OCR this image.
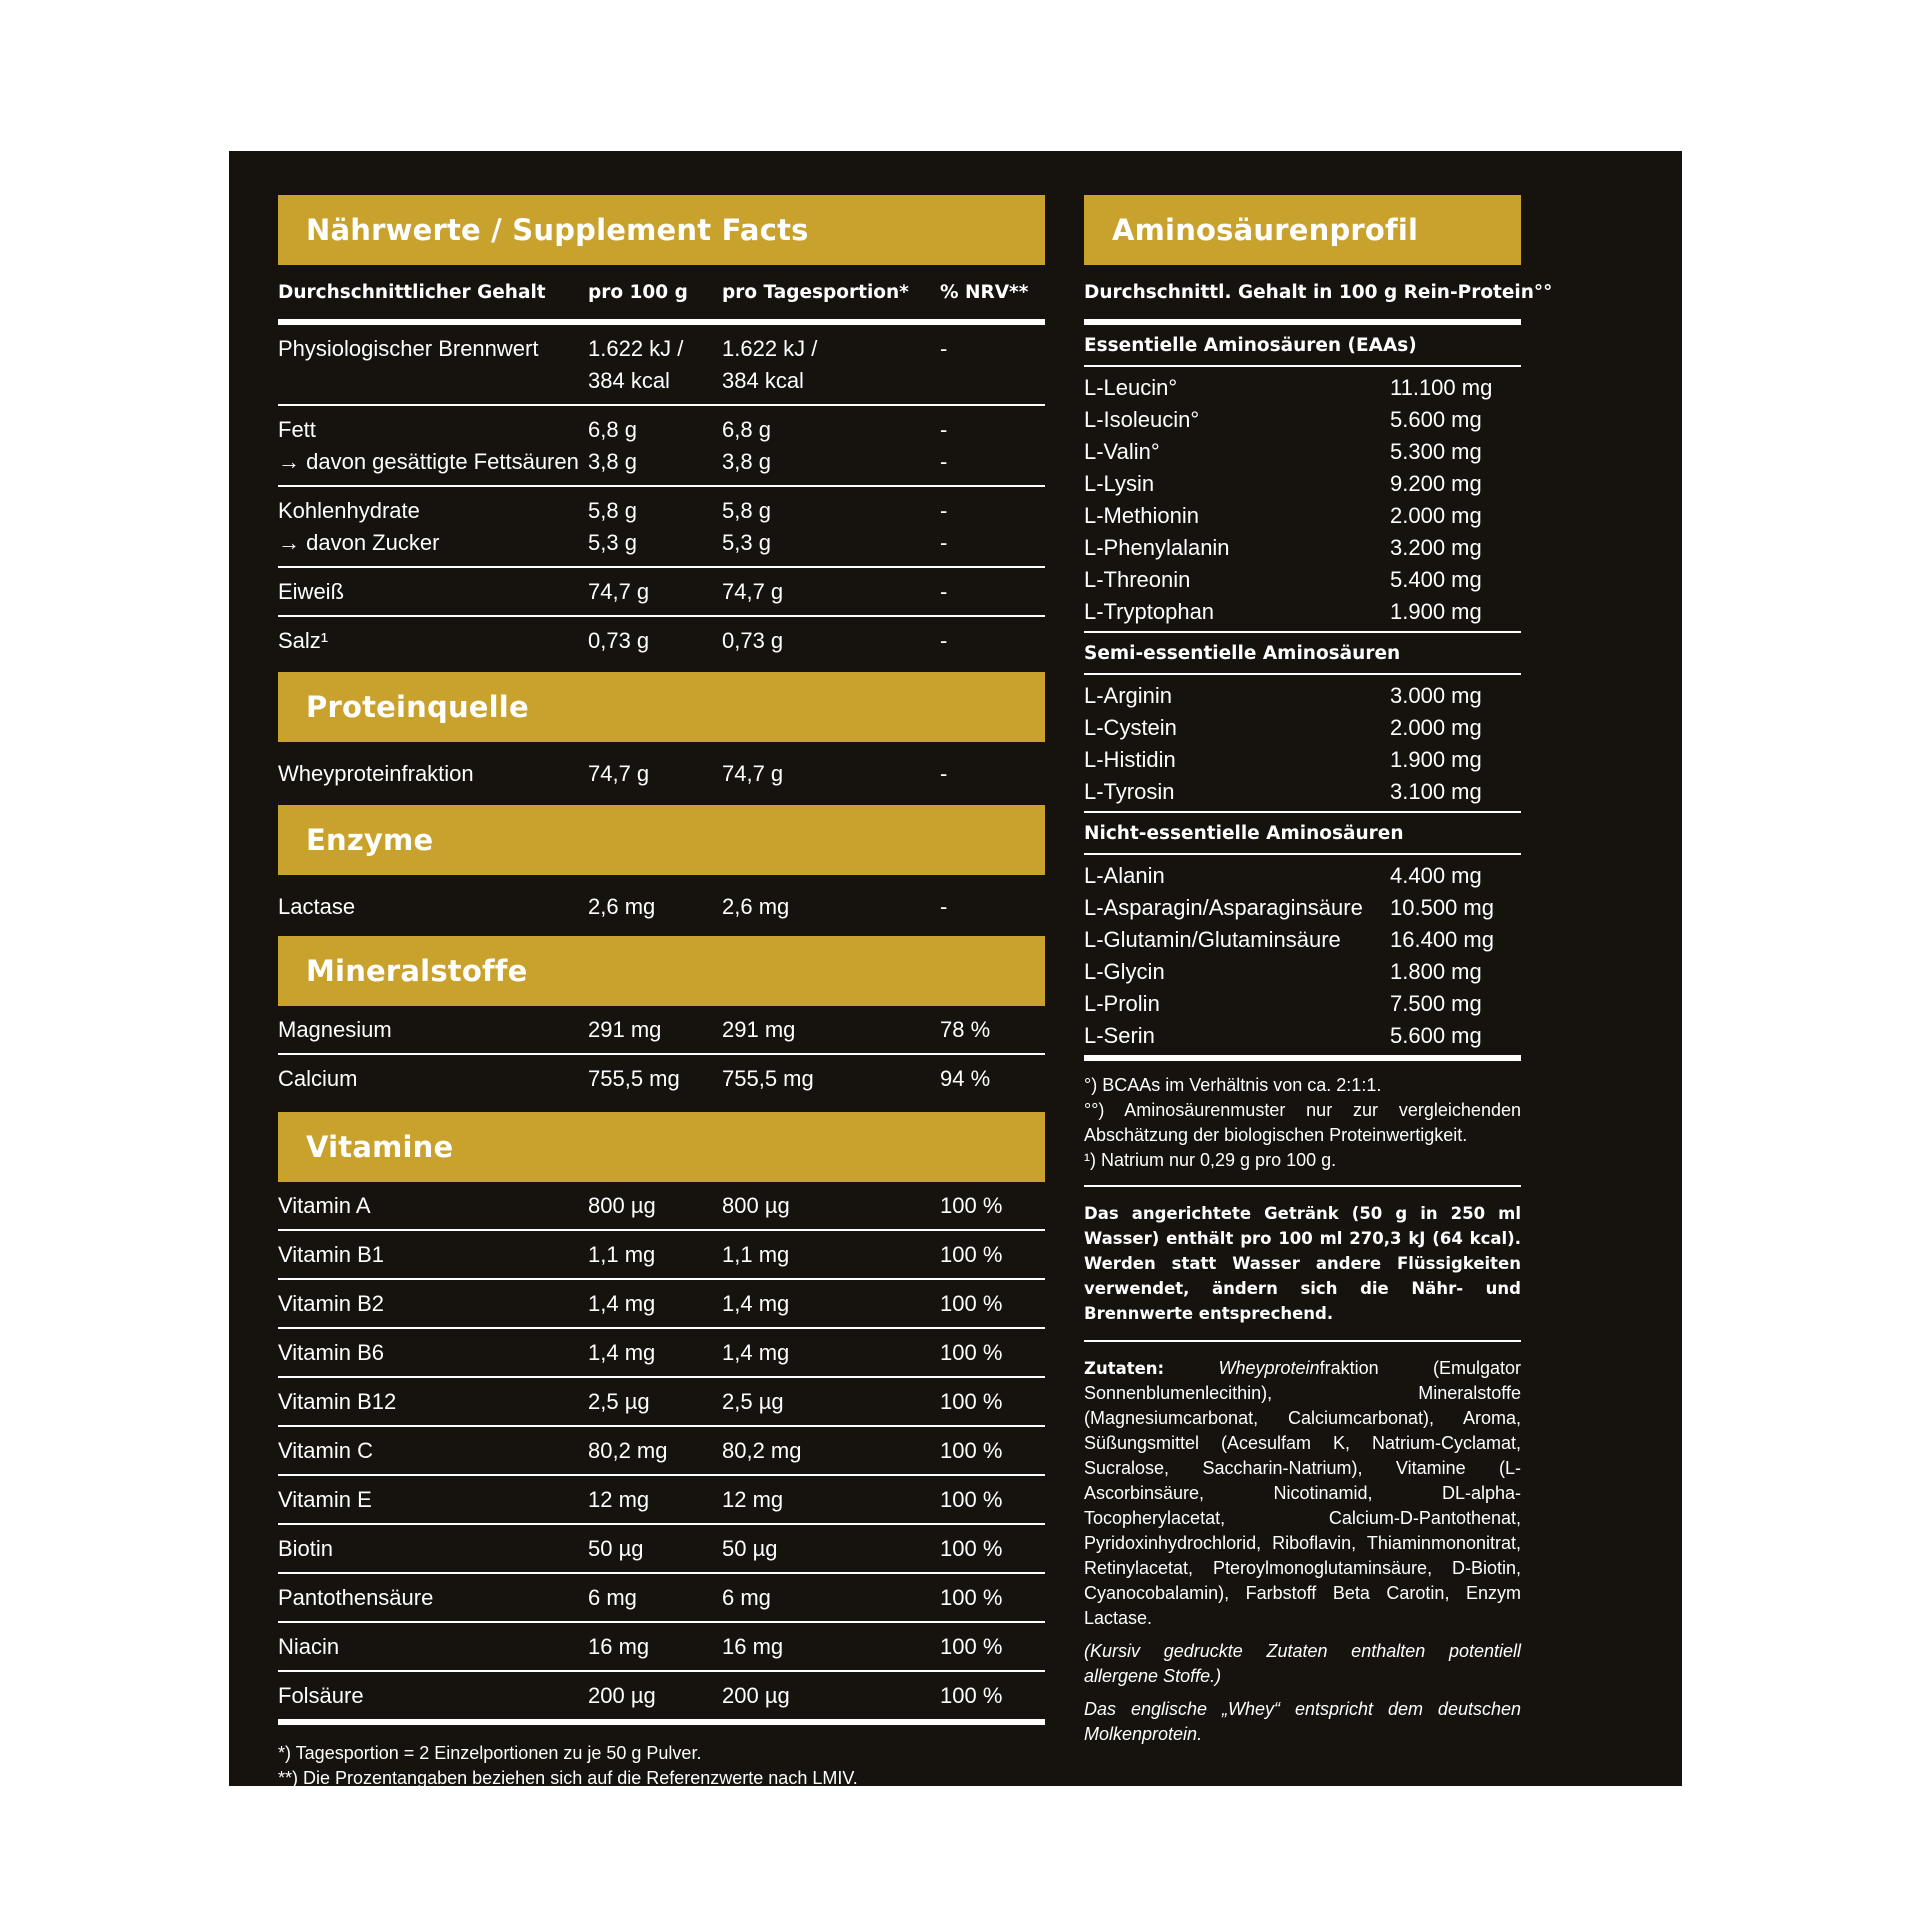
Nährwerte / Supplement Facts
Durchschnittlicher Gehalt	pro 100 g	pro Tagesportion*	% NRV**
Physiologischer Brennwert	1.622 kJ /	1.622 kJ /	-
384 kcal	384 kcal
Fett	6,8 g	6,8 g	-
→ davon gesättigte Fettsäuren 3,8 g	3,8 g	-
Kohlenhydrate	5,8 g	5,8 g	-
→ davon Zucker	5,3 g	5,3 g	-
Eiweiß	74,7 g	74,7 g	-
Salz¹	0,73 g	0,73 g	-
Proteinquelle
Wheyproteinfraktion	74,7 g	74,7 g	-
Enzyme
Lactase	2,6 mg	2,6 mg	-
Mineralstoffe
Magnesium	291 mg	291 mg	78 %
Calcium	755,5 mg	755,5 mg	94 %
Vitamine
Vitamin A	800 µg	800 µg	100 %
Vitamin B1	1,1 mg	1,1 mg	100 %
Vitamin B2	1,4 mg	1,4 mg	100 %
Vitamin B6	1,4 mg	1,4 mg	100 %
Vitamin B12	2,5 µg	2,5 µg	100 %
Vitamin C	80,2 mg	80,2 mg	100 %
Vitamin E	12 mg	12 mg	100 %
Biotin	50 µg	50 µg	100 %
Pantothensäure	6 mg	6 mg	100 %
Niacin	16 mg	16 mg	100 %
Folsäure	200 µg	200 µg	100 %
*) Tagesportion = 2 Einzelportionen zu je 50 g Pulver.
**) Die Prozentangaben beziehen sich auf die Referenzwerte nach LMIV.
Aminosäurenprofil
Durchschnittl. Gehalt in 100 g Rein-Protein°°
Essentielle Aminosäuren (EAAs)
L-Leucin°	11.100 mg
L-Isoleucin°	5.600 mg
L-Valin°	5.300 mg
L-Lysin	9.200 mg
L-Methionin	2.000 mg
L-Phenylalanin	3.200 mg
L-Threonin	5.400 mg
L-Tryptophan	1.900 mg
Semi-essentielle Aminosäuren
L-Arginin	3.000 mg
L-Cystein	2.000 mg
L-Histidin	1.900 mg
L-Tyrosin	3.100 mg
Nicht-essentielle Aminosäuren
L-Alanin	4.400 mg
L-Asparagin/Asparaginsäure	10.500 mg
L-Glutamin/Glutaminsäure	16.400 mg
L-Glycin	1.800 mg
L-Prolin	7.500 mg
L-Serin	5.600 mg
°) BCAAs im Verhältnis von ca. 2:1:1.
°°) Aminosäurenmuster nur zur vergleichenden Abschätzung der biologischen Proteinwertigkeit.
¹) Natrium nur 0,29 g pro 100 g.
Das angerichtete Getränk (50 g in 250 ml Wasser) enthält pro 100 ml 270,3 kJ (64 kcal). Werden statt Wasser andere Flüssigkeiten verwendet, ändern sich die Nähr- und Brennwerte entsprechend.
Zutaten:	Wheyproteinfraktion (Emulgator Sonnenblumenlecithin), Mineralstoffe (Magnesiumcarbonat, Calciumcarbonat), Aroma, Süßungsmittel (Acesulfam K, Natrium-Cyclamat, Sucralose, Saccharin-Natrium), Vitamine (L-Ascorbinsäure, Nicotinamid, DL-alpha-Tocopherylacetat, Calcium-D-Pantothenat, Pyridoxinhydrochlorid, Riboflavin, Thiaminmononitrat, Retinylacetat, Pteroylmonoglutaminsäure, D-Biotin, Cyanocobalamin), Farbstoff Beta Carotin, Enzym Lactase.
(Kursiv gedruckte Zutaten enthalten potentiell allergene Stoffe.)
Das englische „Whey“ entspricht dem deutschen Molkenprotein.
